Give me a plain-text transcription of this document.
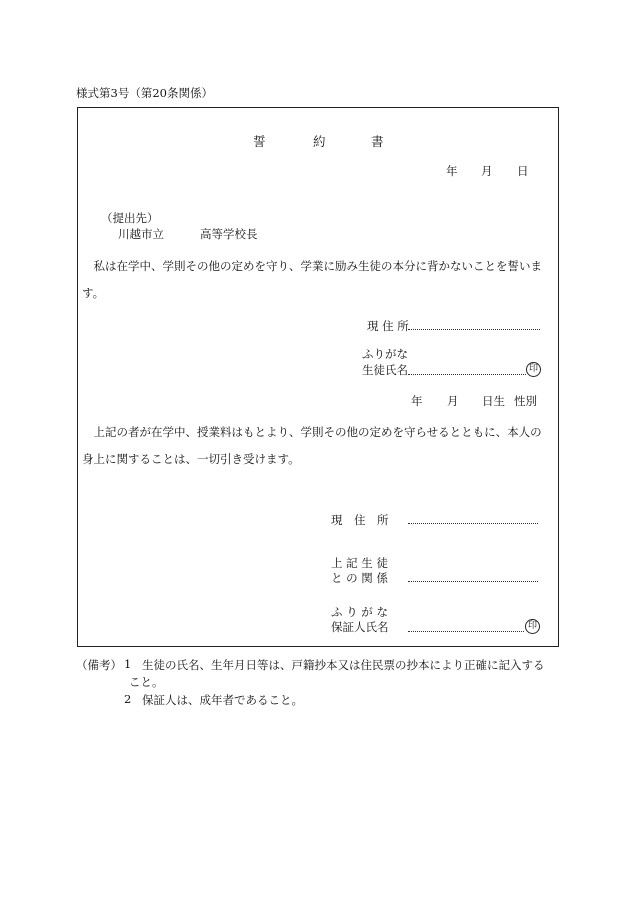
様式第3号（第20条関係）
誓	約	書
年 月 日
（提出先）
川越市立	高等学校長
　私は在学中、学則その他の定めを守り、学業に励み生徒の本分に背かないことを誓います。
現 住 所
ふりがな
生徒氏名	印
年 月 日生 性別
　上記の者が在学中、授業料はもとより、学則その他の定めを守らせるとともに、本人の身上に関することは、一切引き受けます。
現　住　所
上 記 生 徒
と の 関 係
ふ り が な
保証人氏名	印
（備考） 1 生徒の氏名、生年月日等は、戸籍抄本又は住民票の抄本により正確に記入する
こと。
2 保証人は、成年者であること。
